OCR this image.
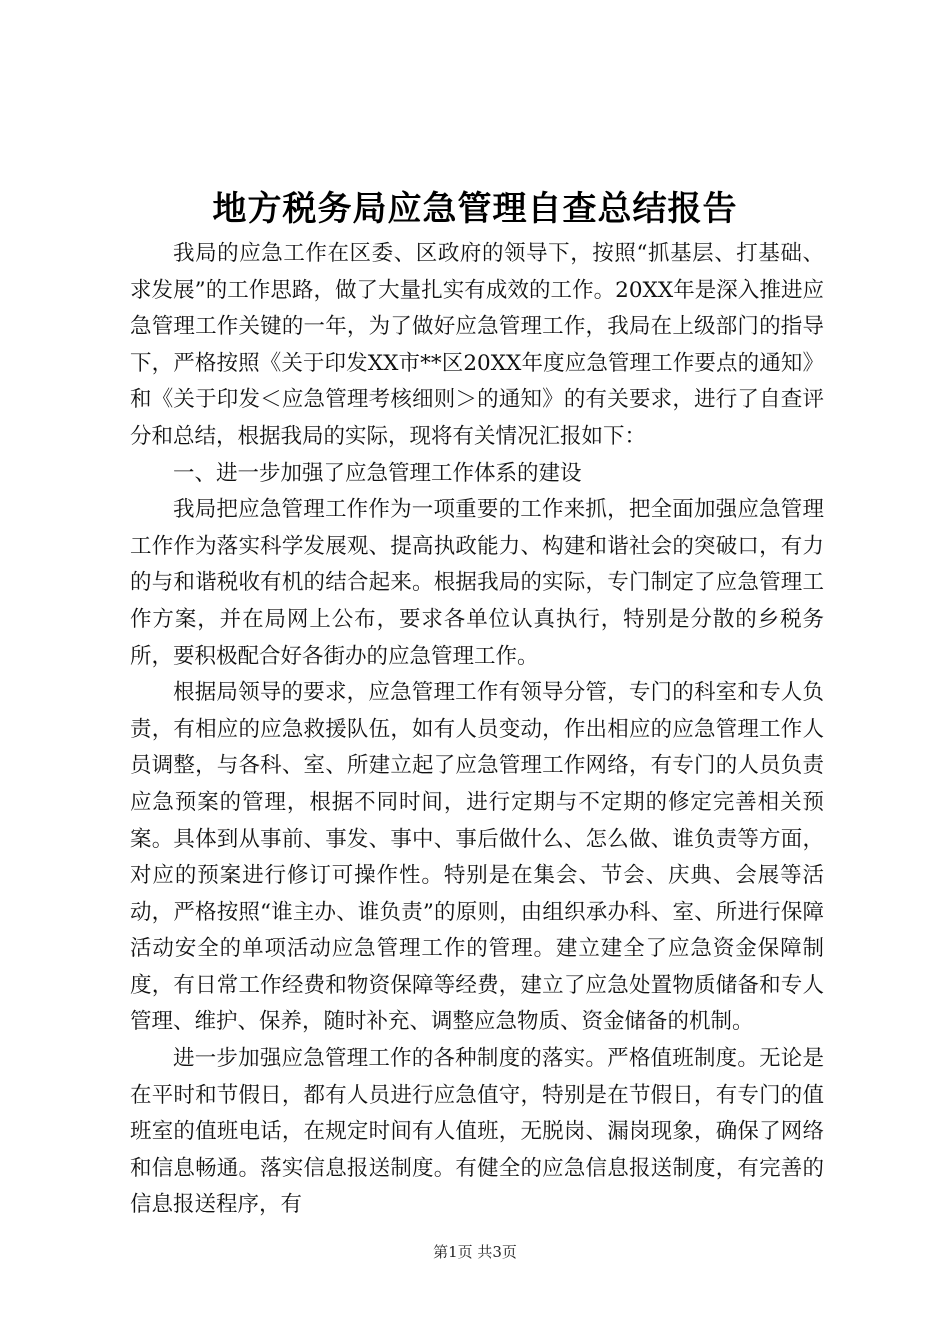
地方税务局应急管理自查总结报告

我局的应急工作在区委、区政府的领导下，按照“抓基层、打基础、求发展”的工作思路，做了大量扎实有成效的工作。20XX年是深入推进应急管理工作关键的一年，为了做好应急管理工作，我局在上级部门的指导下，严格按照《关于印发XX市**区20XX年度应急管理工作要点的通知》和《关于印发＜应急管理考核细则＞的通知》的有关要求，进行了自查评分和总结，根据我局的实际，现将有关情况汇报如下：

一、进一步加强了应急管理工作体系的建设

我局把应急管理工作作为一项重要的工作来抓，把全面加强应急管理工作作为落实科学发展观、提高执政能力、构建和谐社会的突破口，有力的与和谐税收有机的结合起来。根据我局的实际，专门制定了应急管理工作方案，并在局网上公布，要求各单位认真执行，特别是分散的乡税务所，要积极配合好各街办的应急管理工作。

根据局领导的要求，应急管理工作有领导分管，专门的科室和专人负责，有相应的应急救援队伍，如有人员变动，作出相应的应急管理工作人员调整，与各科、室、所建立起了应急管理工作网络，有专门的人员负责应急预案的管理，根据不同时间，进行定期与不定期的修定完善相关预案。具体到从事前、事发、事中、事后做什么、怎么做、谁负责等方面，对应的预案进行修订可操作性。特别是在集会、节会、庆典、会展等活动，严格按照“谁主办、谁负责”的原则，由组织承办科、室、所进行保障活动安全的单项活动应急管理工作的管理。建立建全了应急资金保障制度，有日常工作经费和物资保障等经费，建立了应急处置物质储备和专人管理、维护、保养，随时补充、调整应急物质、资金储备的机制。

进一步加强应急管理工作的各种制度的落实。严格值班制度。无论是在平时和节假日，都有人员进行应急值守，特别是在节假日，有专门的值班室的值班电话，在规定时间有人值班，无脱岗、漏岗现象，确保了网络和信息畅通。落实信息报送制度。有健全的应急信息报送制度，有完善的信息报送程序，有

第1页 共3页
